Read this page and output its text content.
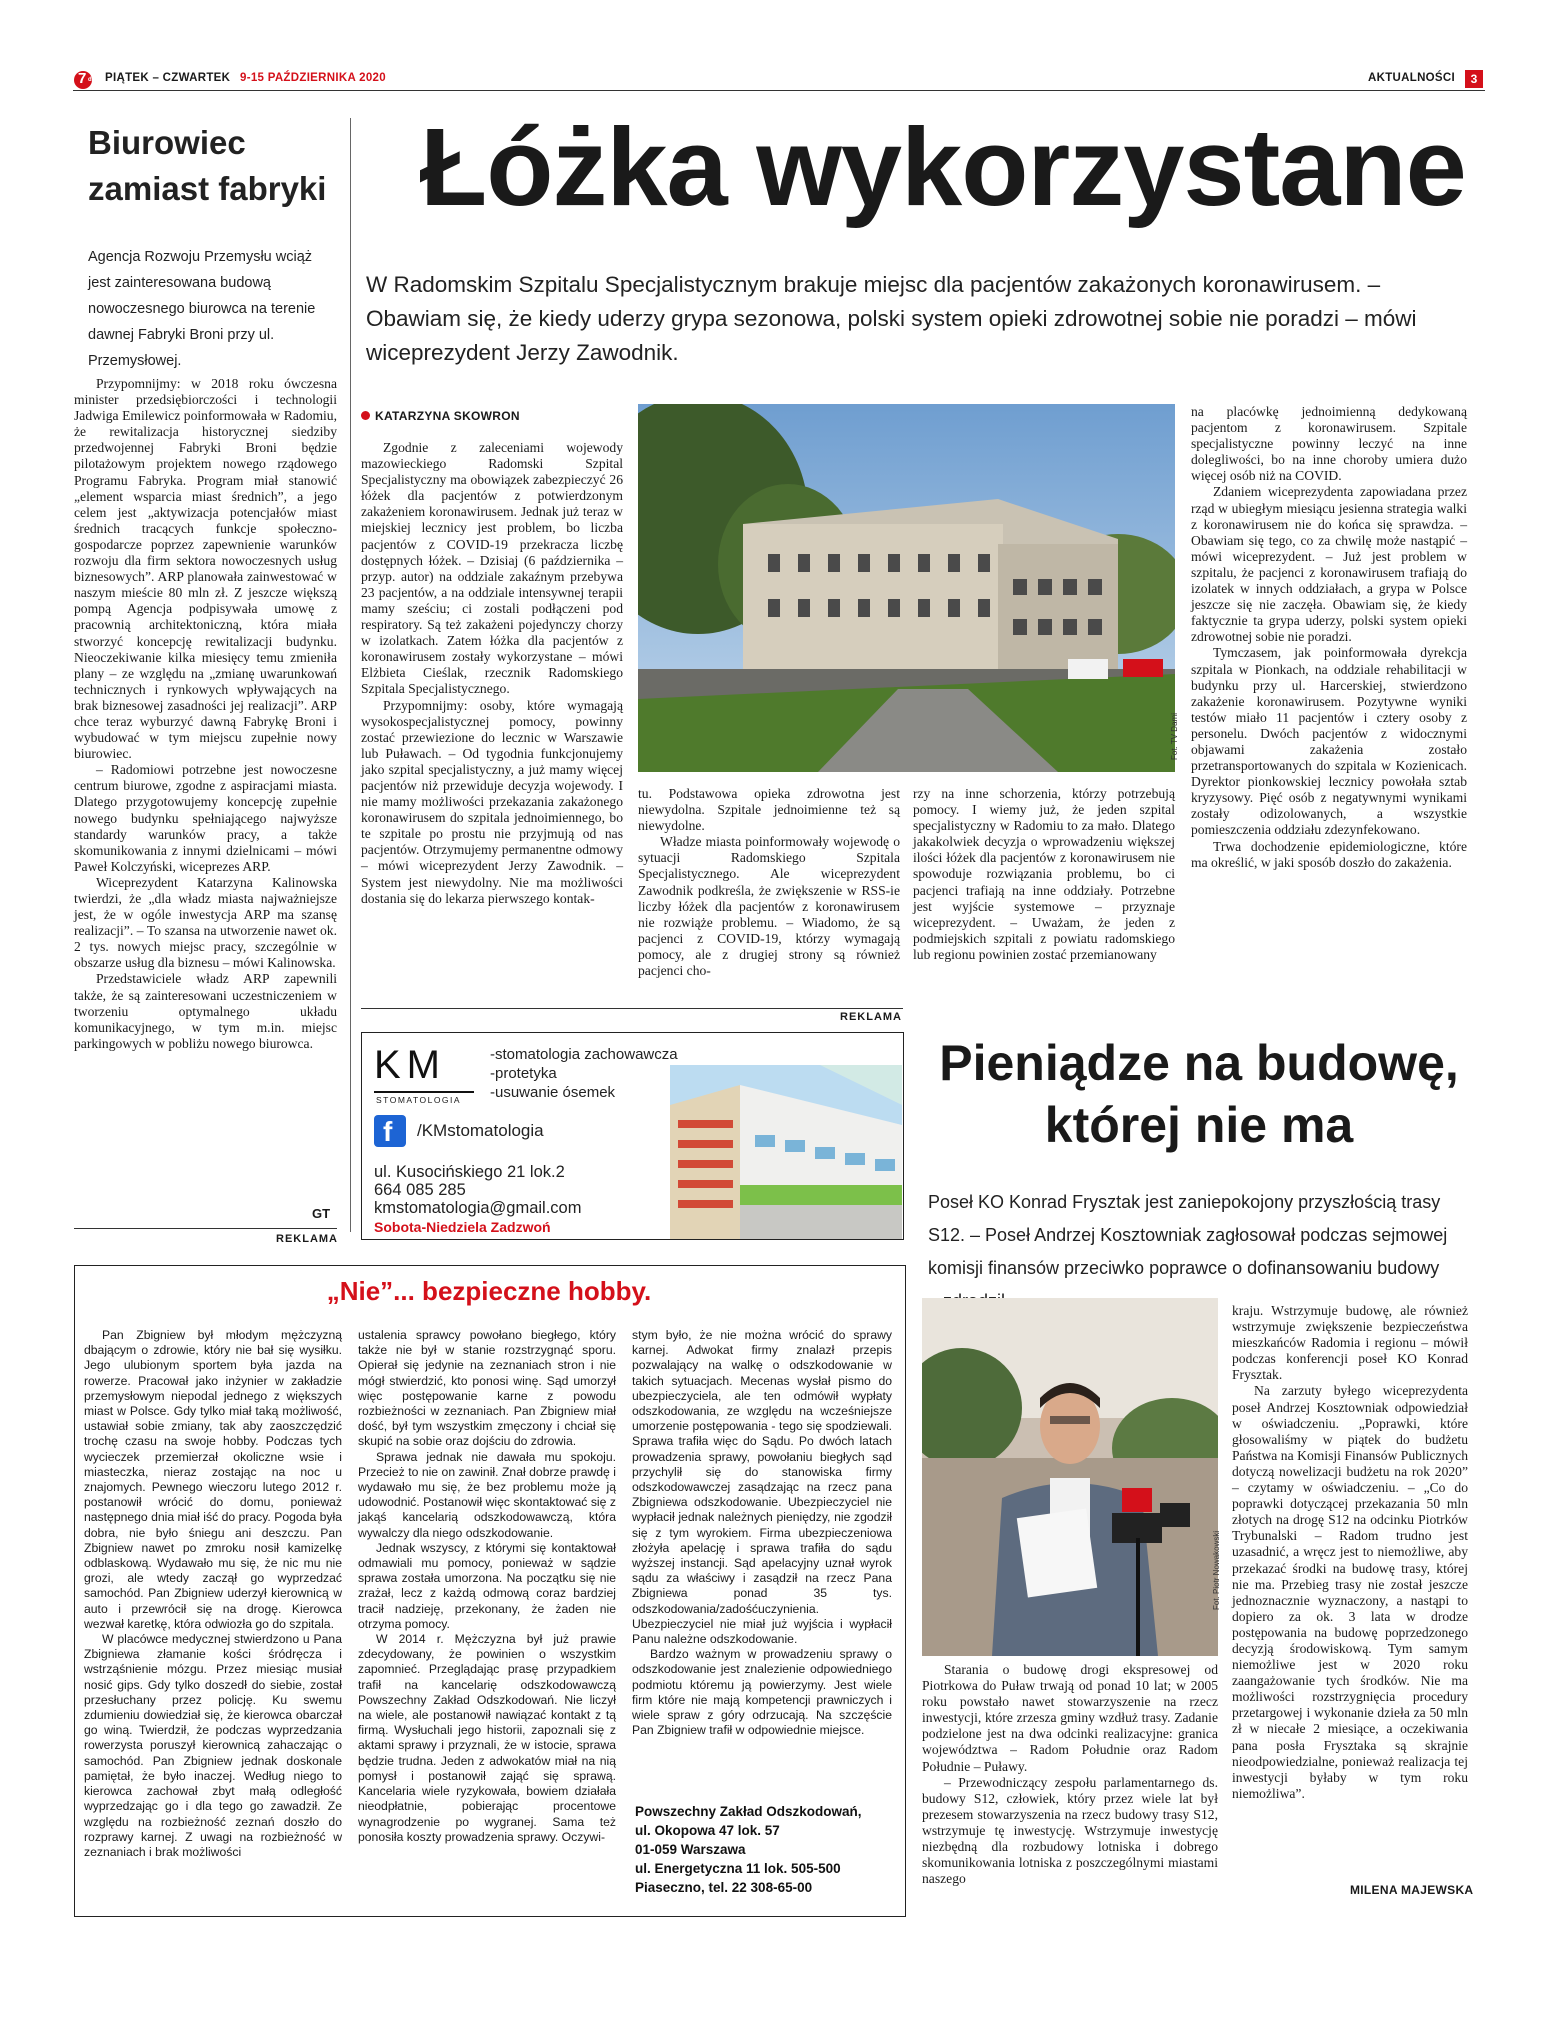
7 dni PIĄTEK – CZWARTEK 9-15 PAŹDZIERNIKA 2020	AKTUALNOŚCI	3
Biurowiec zamiast fabryki
Agencja Rozwoju Przemysłu wciąż jest zainteresowana budową nowoczesnego biurowca na terenie dawnej Fabryki Broni przy ul. Przemysłowej.

Przypomnijmy: w 2018 roku ówczesna minister przedsiębiorczości i technologii Jadwiga Emilewicz poinformowała w Radomiu, że rewitalizacja historycznej siedziby przedwojennej Fabryki Broni będzie pilotażowym projektem nowego rządowego Programu Fabryka. Program miał stanowić „element wsparcia miast średnich”, a jego celem jest „aktywizacja potencjałów miast średnich tracących funkcje społeczno-gospodarcze poprzez zapewnienie warunków rozwoju dla firm sektora nowoczesnych usług biznesowych”. ARP planowała zainwestować w naszym mieście 80 mln zł. Z jeszcze większą pompą Agencja podpisywała umowę z pracownią architektoniczną, która miała stworzyć koncepcję rewitalizacji budynku. Nieoczekiwanie kilka miesięcy temu zmieniła plany – ze względu na „zmianę uwarunkowań technicznych i rynkowych wpływających na brak biznesowej zasadności jej realizacji”. ARP chce teraz wyburzyć dawną Fabrykę Broni i wybudować w tym miejscu zupełnie nowy biurowiec.

– Radomiowi potrzebne jest nowoczesne centrum biurowe, zgodne z aspiracjami miasta. Dlatego przygotowujemy koncepcję zupełnie nowego budynku spełniającego najwyższe standardy warunków pracy, a także skomunikowania z innymi dzielnicami – mówi Paweł Kolczyński, wiceprezes ARP.

Wiceprezydent Katarzyna Kalinowska twierdzi, że „dla władz miasta najważniejsze jest, że w ogóle inwestycja ARP ma szansę realizacji”. – To szansa na utworzenie nawet ok. 2 tys. nowych miejsc pracy, szczególnie w obszarze usług dla biznesu – mówi Kalinowska.

Przedstawiciele władz ARP zapewnili także, że są zainteresowani uczestniczeniem w tworzeniu optymalnego układu komunikacyjnego, w tym m.in. miejsc parkingowych w pobliżu nowego biurowca.

GT
REKLAMA
Łóżka wykorzystane
W Radomskim Szpitalu Specjalistycznym brakuje miejsc dla pacjentów zakażonych koronawirusem. – Obawiam się, że kiedy uderzy grypa sezonowa, polski system opieki zdrowotnej sobie nie poradzi – mówi wiceprezydent Jerzy Zawodnik.
KATARZYNA SKOWRON

Zgodnie z zaleceniami wojewody mazowieckiego Radomski Szpital Specjalistyczny ma obowiązek zabezpieczyć 26 łóżek dla pacjentów z potwierdzonym zakażeniem koronawirusem. Jednak już teraz w miejskiej lecznicy jest problem, bo liczba pacjentów z COVID-19 przekracza liczbę dostępnych łóżek. – Dzisiaj (6 października – przyp. autor) na oddziale zakaźnym przebywa 23 pacjentów, a na oddziale intensywnej terapii mamy sześciu; ci zostali podłączeni pod respiratory. Są też zakażeni pojedynczy chorzy w izolatkach. Zatem łóżka dla pacjentów z koronawirusem zostały wykorzystane – mówi Elżbieta Cieślak, rzecznik Radomskiego Szpitala Specjalistycznego.

Przypomnijmy: osoby, które wymagają wysokospecjalistycznej pomocy, powinny zostać przewiezione do lecznic w Warszawie lub Puławach. – Od tygodnia funkcjonujemy jako szpital specjalistyczny, a już mamy więcej pacjentów niż przewiduje decyzja wojewody. I nie mamy możliwości przekazania zakażonego koronawirusem do szpitala jednoimiennego, bo te szpitale po prostu nie przyjmują od nas pacjentów. Otrzymujemy permanentne odmowy – mówi wiceprezydent Jerzy Zawodnik. – System jest niewydolny. Nie ma możliwości dostania się do lekarza pierwszego kontak-

Fot. TV Dami

tu. Podstawowa opieka zdrowotna jest niewydolna. Szpitale jednoimienne też są niewydolne.

Władze miasta poinformowały wojewodę o sytuacji Radomskiego Szpitala Specjalistycznego. Ale wiceprezydent Zawodnik podkreśla, że zwiększenie w RSS-ie liczby łóżek dla pacjentów z koronawirusem nie rozwiąże problemu. – Wiadomo, że są pacjenci z COVID-19, którzy wymagają pomocy, ale z drugiej strony są również pacjenci cho-

rzy na inne schorzenia, którzy potrzebują pomocy. I wiemy już, że jeden szpital specjalistyczny w Radomiu to za mało. Dlatego jakakolwiek decyzja o wprowadzeniu większej ilości łóżek dla pacjentów z koronawirusem nie spowoduje rozwiązania problemu, bo ci pacjenci trafiają na inne oddziały. Potrzebne jest wyjście systemowe – przyznaje wiceprezydent. – Uważam, że jeden z podmiejskich szpitali z powiatu radomskiego lub regionu powinien zostać przemianowany

na placówkę jednoimienną dedykowaną pacjentom z koronawirusem. Szpitale specjalistyczne powinny leczyć na inne dolegliwości, bo na inne choroby umiera dużo więcej osób niż na COVID.

Zdaniem wiceprezydenta zapowiadana przez rząd w ubiegłym miesiącu jesienna strategia walki z koronawirusem nie do końca się sprawdza. – Obawiam się tego, co za chwilę może nastąpić – mówi wiceprezydent. – Już jest problem w szpitalu, że pacjenci z koronawirusem trafiają do izolatek w innych oddziałach, a grypa w Polsce jeszcze się nie zaczęła. Obawiam się, że kiedy faktycznie ta grypa uderzy, polski system opieki zdrowotnej sobie nie poradzi.

Tymczasem, jak poinformowała dyrekcja szpitala w Pionkach, na oddziale rehabilitacji w budynku przy ul. Harcerskiej, stwierdzono zakażenie koronawirusem. Pozytywne wyniki testów miało 11 pacjentów i cztery osoby z personelu. Dwóch pacjentów z widocznymi objawami zakażenia zostało przetransportowanych do szpitala w Kozienicach. Dyrektor pionkowskiej lecznicy powołała sztab kryzysowy. Pięć osób z negatywnymi wynikami zostały odizolowanych, a wszystkie pomieszczenia oddziału zdezynfekowano.

Trwa dochodzenie epidemiologiczne, które ma określić, w jaki sposób doszło do zakażenia.

REKLAMA
KM
STOMATOLOGIA
-stomatologia zachowawcza
-protetyka
-usuwanie ósemek
f /KMstomatologia
ul. Kusocińskiego 21 lok.2
664 085 285
kmstomatologia@gmail.com
Sobota-Niedziela Zadzwoń
„Nie”... bezpieczne hobby.

Pan Zbigniew był młodym mężczyzną dbającym o zdrowie, który nie bał się wysiłku. Jego ulubionym sportem była jazda na rowerze. Pracował jako inżynier w zakładzie przemysłowym niepodal jednego z większych miast w Polsce. Gdy tylko miał taką możliwość, ustawiał sobie zmiany, tak aby zaoszczędzić trochę czasu na swoje hobby. Podczas tych wycieczek przemierzał okoliczne wsie i miasteczka, nieraz zostając na noc u znajomych. Pewnego wieczoru lutego 2012 r. postanowił wrócić do domu, ponieważ następnego dnia miał iść do pracy. Pogoda była dobra, nie było śniegu ani deszczu. Pan Zbigniew nawet po zmroku nosił kamizelkę odblaskową. Wydawało mu się, że nic mu nie grozi, ale wtedy zaczął go wyprzedzać samochód. Pan Zbigniew uderzył kierownicą w auto i przewrócił się na drogę. Kierowca wezwał karetkę, która odwiozła go do szpitala.

W placówce medycznej stwierdzono u Pana Zbigniewa złamanie kości śródręcza i wstrząśnienie mózgu. Przez miesiąc musiał nosić gips. Gdy tylko doszedł do siebie, został przesłuchany przez policję. Ku swemu zdumieniu dowiedział się, że kierowca obarczał go winą. Twierdził, że podczas wyprzedzania rowerzysta poruszył kierownicą zahaczając o samochód. Pan Zbigniew jednak doskonale pamiętał, że było inaczej. Według niego to kierowca zachował zbyt małą odległość wyprzedzając go i dla tego go zawadził. Ze względu na rozbieżność zeznań doszło do rozprawy karnej. Z uwagi na rozbieżność w zeznaniach i brak możliwości

ustalenia sprawcy powołano biegłego, który także nie był w stanie rozstrzygnąć sporu. Opierał się jedynie na zeznaniach stron i nie mógł stwierdzić, kto ponosi winę. Sąd umorzył więc postępowanie karne z powodu rozbieżności w zeznaniach. Pan Zbigniew miał dość, był tym wszystkim zmęczony i chciał się skupić na sobie oraz dojściu do zdrowia.

Sprawa jednak nie dawała mu spokoju. Przecież to nie on zawinił. Znał dobrze prawdę i wydawało mu się, że bez problemu może ją udowodnić. Postanowił więc skontaktować się z jakąś kancelarią odszkodowawczą, która wywalczy dla niego odszkodowanie.

Jednak wszyscy, z którymi się kontaktował odmawiali mu pomocy, ponieważ w sądzie sprawa została umorzona. Na początku się nie zrażał, lecz z każdą odmową coraz bardziej tracił nadzieję, przekonany, że żaden nie otrzyma pomocy.

W 2014 r. Mężczyzna był już prawie zdecydowany, że powinien o wszystkim zapomnieć. Przeglądając prasę przypadkiem trafił na kancelarię odszkodowawczą Powszechny Zakład Odszkodowań. Nie liczył na wiele, ale postanowił nawiązać kontakt z tą firmą. Wysłuchali jego historii, zapoznali się z aktami sprawy i przyznali, że w istocie, sprawa będzie trudna. Jeden z adwokatów miał na nią pomysł i postanowił zająć się sprawą. Kancelaria wiele ryzykowała, bowiem działała nieodpłatnie, pobierając procentowe wynagrodzenie po wygranej. Sama też ponosiła koszty prowadzenia sprawy. Oczywi-

stym było, że nie można wrócić do sprawy karnej. Adwokat firmy znalazł przepis pozwalający na walkę o odszkodowanie w takich sytuacjach. Mecenas wysłał pismo do ubezpieczyciela, ale ten odmówił wypłaty odszkodowania, ze względu na wcześniejsze umorzenie postępowania - tego się spodziewali. Sprawa trafiła więc do Sądu. Po dwóch latach prowadzenia sprawy, powołaniu biegłych sąd przychylił się do stanowiska firmy odszkodowawczej zasądzając na rzecz pana Zbigniewa odszkodowanie. Ubezpieczyciel nie wypłacił jednak należnych pieniędzy, nie zgodził się z tym wyrokiem. Firma ubezpieczeniowa złożyła apelację i sprawa trafiła do sądu wyższej instancji. Sąd apelacyjny uznał wyrok sądu za właściwy i zasądził na rzecz Pana Zbigniewa ponad 35 tys. odszkodowania/zadośćuczynienia. Ubezpieczyciel nie miał już wyjścia i wypłacił Panu należne odszkodowanie.

Bardzo ważnym w prowadzeniu sprawy o odszkodowanie jest znalezienie odpowiedniego podmiotu któremu ją powierzymy. Jest wiele firm które nie mają kompetencji prawniczych i wiele spraw z góry odrzucają. Na szczęście Pan Zbigniew trafił w odpowiednie miejsce.

Powszechny Zakład Odszkodowań,
ul. Okopowa 47 lok. 57
01-059 Warszawa
ul. Energetyczna 11 lok. 505-500
Piaseczno, tel. 22 308-65-00
Pieniądze na budowę,
której nie ma
Poseł KO Konrad Frysztak jest zaniepokojony przyszłością trasy S12. – Poseł Andrzej Kosztowniak zagłosował podczas sejmowej komisji finansów przeciwko poprawce o dofinansowaniu budowy
Fot. Piotr Nowakowski

kraju. Wstrzymuje budowę, ale również wstrzymuje zwiększenie bezpieczeństwa mieszkańców Radomia i regionu – mówił podczas konferencji poseł KO Konrad Frysztak.

Na zarzuty byłego wiceprezydenta poseł Andrzej Kosztowniak odpowiedział w oświadczeniu. „Poprawki, które głosowaliśmy w piątek do budżetu Państwa na Komisji Finansów Publicznych dotyczą nowelizacji budżetu na rok 2020” – czytamy w oświadczeniu. – „Co do poprawki dotyczącej przekazania 50 mln złotych na drogę S12 na odcinku Piotrków Trybunalski – Radom trudno jest uzasadnić, a wręcz jest to niemożliwe, aby przekazać środki na budowę trasy, której nie ma. Przebieg trasy nie został jeszcze jednoznacznie wyznaczony, a nastąpi to dopiero za ok. 3 lata w drodze postępowania na budowę poprzedzonego decyzją środowiskową. Tym samym niemożliwe jest w 2020 roku zaangażowanie tych środków. Nie ma możliwości rozstrzygnięcia procedury przetargowej i wykonanie dzieła za 50 mln zł w niecałe 2 miesiące, a oczekiwania pana posła Frysztaka są skrajnie nieodpowiedzialne, ponieważ realizacja tej inwestycji byłaby w tym roku niemożliwa”.

Starania o budowę drogi ekspresowej od Piotrkowa do Puław trwają od ponad 10 lat; w 2005 roku powstało nawet stowarzyszenie na rzecz inwestycji, które zrzesza gminy wzdłuż trasy. Zadanie podzielone jest na dwa odcinki realizacyjne: granica województwa – Radom Południe oraz Radom Południe – Puławy.

– Przewodniczący zespołu parlamentarnego ds. budowy S12, człowiek, który przez wiele lat był prezesem stowarzyszenia na rzecz budowy trasy S12, wstrzymuje tę inwestycję. Wstrzymuje inwestycję niezbędną dla rozbudowy lotniska i dobrego skomunikowania lotniska z poszczególnymi miastami naszego

MILENA MAJEWSKA
